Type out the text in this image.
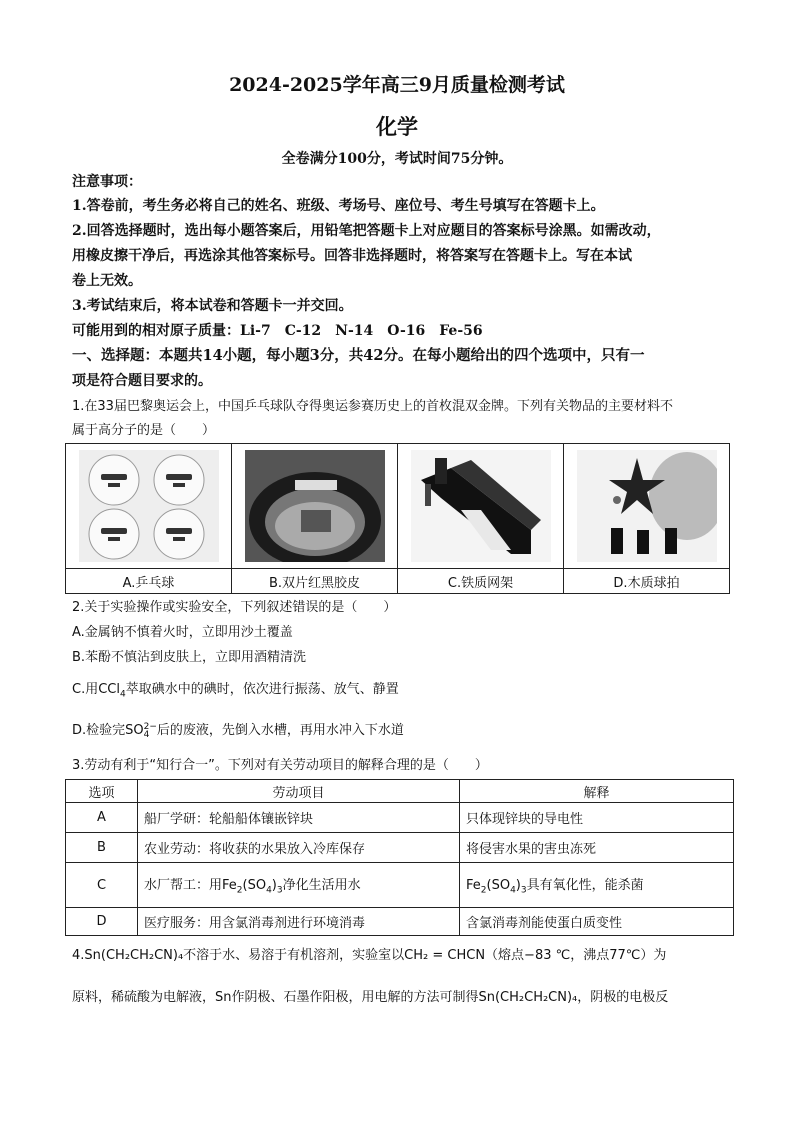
2024-2025学年高三9月质量检测考试
化学
全卷满分100分，考试时间75分钟。
注意事项：
1.答卷前，考生务必将自己的姓名、班级、考场号、座位号、考生号填写在答题卡上。
2.回答选择题时，选出每小题答案后，用铅笔把答题卡上对应题目的答案标号涂黑。如需改动，
用橡皮擦干净后，再选涂其他答案标号。回答非选择题时，将答案写在答题卡上。写在本试
卷上无效。
3.考试结束后，将本试卷和答题卡一并交回。
可能用到的相对原子质量：Li-7　C-12　N-14　O-16　Fe-56
一、选择题：本题共14小题，每小题3分，共42分。在每小题给出的四个选项中，只有一
项是符合题目要求的。
1.在33届巴黎奥运会上，中国乒乓球队夺得奥运参赛历史上的首枚混双金牌。下列有关物品的主要材料不
属于高分子的是（　　）

A.乒乓球	B.双片红黑胶皮	C.铁质网架	D.木质球拍
2.关于实验操作或实验安全，下列叙述错误的是（　　）
A.金属钠不慎着火时，立即用沙土覆盖
B.苯酚不慎沾到皮肤上，立即用酒精清洗
C.用CCl$_4$萃取碘水中的碘时，依次进行振荡、放气、静置
D.检验完SO2−
4 后的废液，先倒入水槽，再用水冲入下水道
3.劳动有利于“知行合一”。下列对有关劳动项目的解释合理的是（　　）
选项	劳动项目	解释
A	船厂学研：轮船船体镶嵌锌块	只体现锌块的导电性
B	农业劳动：将收获的水果放入冷库保存	将侵害水果的害虫冻死
C	水厂帮工：用$Fe_2(SO_4)_3$净化生活用水	$Fe_2(SO_4)_3$具有氧化性，能杀菌
D	医疗服务：用含氯消毒剂进行环境消毒	含氯消毒剂能使蛋白质变性
4.Sn(CH₂CH₂CN)₄不溶于水、易溶于有机溶剂，实验室以CH₂ = CHCN（熔点−83 ℃，沸点77℃）为
原料，稀硫酸为电解液，Sn作阴极、石墨作阳极，用电解的方法可制得Sn(CH₂CH₂CN)₄，阴极的电极反
